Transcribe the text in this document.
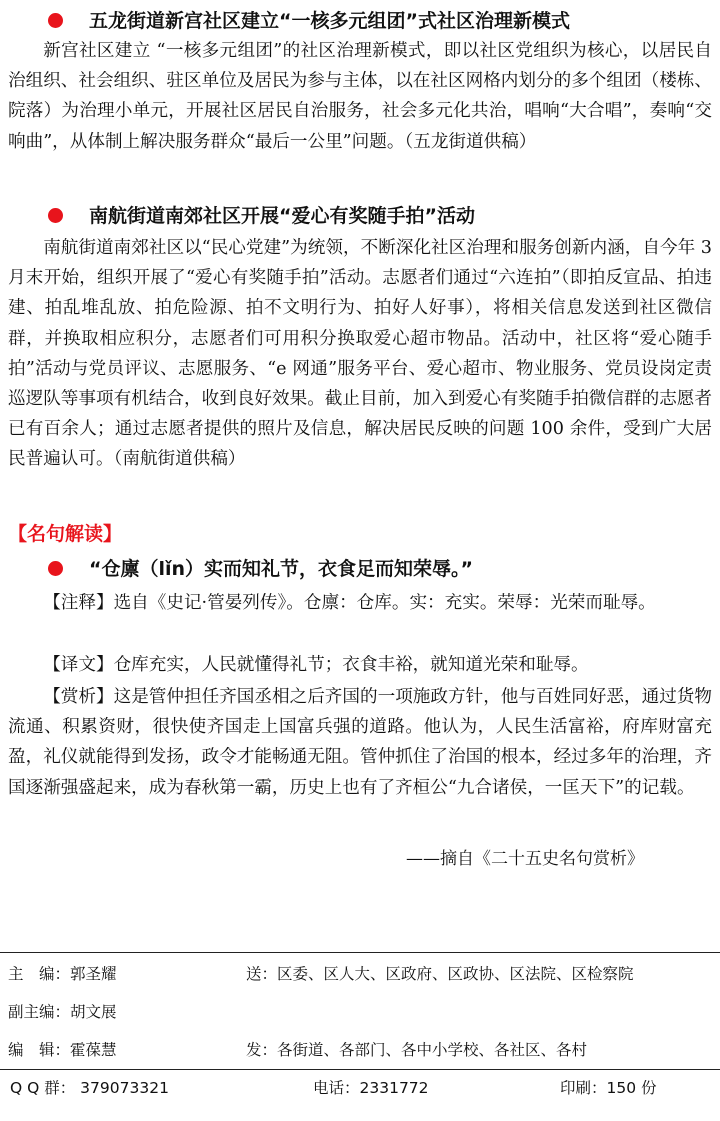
五龙街道新宫社区建立“一核多元组团”式社区治理新模式

新宫社区建立 “一核多元组团”的社区治理新模式，即以社区党组织为核心，以居民自治组织、社会组织、驻区单位及居民为参与主体，以在社区网格内划分的多个组团（楼栋、院落）为治理小单元，开展社区居民自治服务，社会多元化共治，唱响“大合唱”，奏响“交响曲”，从体制上解决服务群众“最后一公里”问题。（五龙街道供稿）

南航街道南郊社区开展“爱心有奖随手拍”活动

南航街道南郊社区以“民心党建”为统领，不断深化社区治理和服务创新内涵，自今年 3 月末开始，组织开展了“爱心有奖随手拍”活动。志愿者们通过“六连拍”（即拍反宣品、拍违建、拍乱堆乱放、拍危险源、拍不文明行为、拍好人好事），将相关信息发送到社区微信群，并换取相应积分，志愿者们可用积分换取爱心超市物品。活动中，社区将“爱心随手拍”活动与党员评议、志愿服务、“e 网通”服务平台、爱心超市、物业服务、党员设岗定责巡逻队等事项有机结合，收到良好效果。截止目前，加入到爱心有奖随手拍微信群的志愿者已有百余人；通过志愿者提供的照片及信息，解决居民反映的问题 100 余件，受到广大居民普遍认可。（南航街道供稿）

【名句解读】
“仓廪（lǐn）实而知礼节，衣食足而知荣辱。”

【注释】选自《史记·管晏列传》。仓廪：仓库。实：充实。荣辱：光荣而耻辱。

【译文】仓库充实，人民就懂得礼节；衣食丰裕，就知道光荣和耻辱。

【赏析】这是管仲担任齐国丞相之后齐国的一项施政方针，他与百姓同好恶，通过货物流通、积累资财，很快使齐国走上国富兵强的道路。他认为，人民生活富裕，府库财富充盈，礼仪就能得到发扬，政令才能畅通无阻。管仲抓住了治国的根本，经过多年的治理，齐国逐渐强盛起来，成为春秋第一霸，历史上也有了齐桓公“九合诸侯，一匡天下”的记载。

——摘自《二十五史名句赏析》
主　编：郭圣耀	送：区委、区人大、区政府、区政协、区法院、区检察院
副主编：胡文展
编　辑：霍葆慧	发：各街道、各部门、各中小学校、各社区、各村
Q Q 群： 379073321	电话：2331772	印刷：150 份
